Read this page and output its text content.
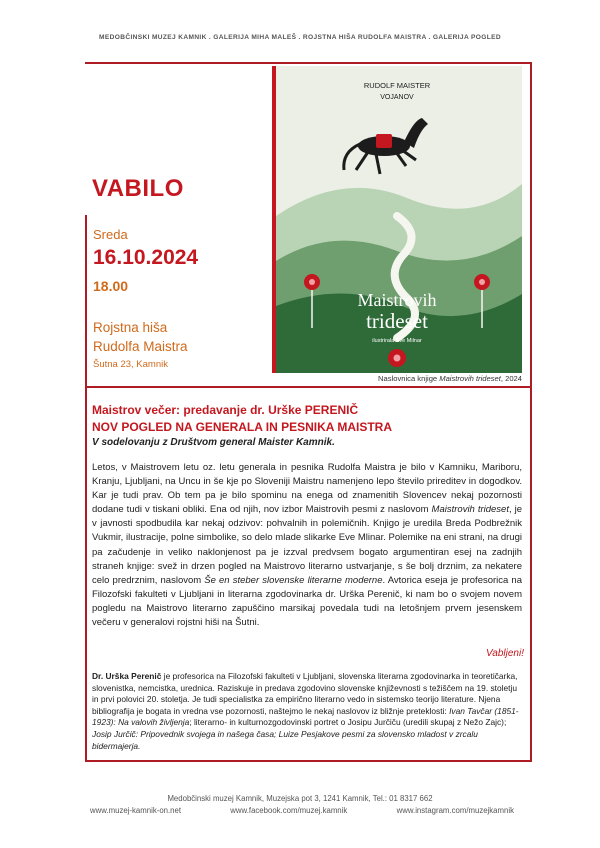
MEDOBČINSKI MUZEJ KAMNIK . GALERIJA MIHA MALEŠ . ROJSTNA HIŠA RUDOLFA MAISTRA . GALERIJA POGLED
VABILO
Sreda
16.10.2024
18.00
Rojstna hiša
Rudolfa Maistra
Šutna 23, Kamnik
RUDOLF MAISTER
VOJANOV
Maistrovih
trideset
ilustrirala Eve Milnar
Naslovnica knjige Maistrovih trideset, 2024
Maistrov večer: predavanje dr. Urške PERENIČ
NOV POGLED NA GENERALA IN PESNIKA MAISTRA
V sodelovanju z Društvom general Maister Kamnik.
Letos, v Maistrovem letu oz. letu generala in pesnika Rudolfa Maistra je bilo v Kamniku, Mariboru, Kranju, Ljubljani, na Uncu in še kje po Sloveniji Maistru namenjeno lepo število prireditev in dogodkov. Kar je tudi prav. Ob tem pa je bilo spominu na enega od znamenitih Slovencev nekaj pozornosti dodane tudi v tiskani obliki. Ena od njih, nov izbor Maistrovih pesmi z naslovom Maistrovih trideset, je v javnosti spodbudila kar nekaj odzivov: pohvalnih in polemičnih. Knjigo je uredila Breda Podbrežnik Vukmir, ilustracije, polne simbolike, so delo mlade slikarke Eve Mlinar. Polemike na eni strani, na drugi pa začudenje in veliko naklonjenost pa je izzval predvsem bogato argumentiran esej na zadnjih straneh knjige: svež in drzen pogled na Maistrovo literarno ustvarjanje, s še bolj drznim, za nekatere celo predrznim, naslovom Še en steber slovenske literarne moderne. Avtorica eseja je profesorica na Filozofski fakulteti v Ljubljani in literarna zgodovinarka dr. Urška Perenič, ki nam bo o svojem novem pogledu na Maistrovo literarno zapuščino marsikaj povedala tudi na letošnjem prvem jesenskem večeru v generalovi rojstni hiši na Šutni.
Vabljeni!
Dr. Urška Perenič je profesorica na Filozofski fakulteti v Ljubljani, slovenska literarna zgodovinarka in teoretičarka, slovenistka, nemcistka, urednica. Raziskuje in predava zgodovino slovenske književnosti s težiščem na 19. stoletju in prvi polovici 20. stoletja. Je tudi specialistka za empirično literarno vedo in sistemsko teorijo literature. Njena bibliografija je bogata in vredna vse pozornosti, naštejmo le nekaj naslovov iz bližnje preteklosti: Ivan Tavčar (1851-1923): Na valovih življenja; literarno- in kulturnozgodovinski portret o Josipu Jurčiču (uredili skupaj z Nežo Zajc); Josip Jurčič: Pripovednik svojega in našega časa; Luize Pesjakove pesmi za slovensko mladost v zrcalu bidermajerja.
Medobčinski muzej Kamnik, Muzejska pot 3, 1241 Kamnik, Tel.: 01 8317 662
www.muzej-kamnik-on.net	www.facebook.com/muzej.kamnik	www.instagram.com/muzejkamnik
